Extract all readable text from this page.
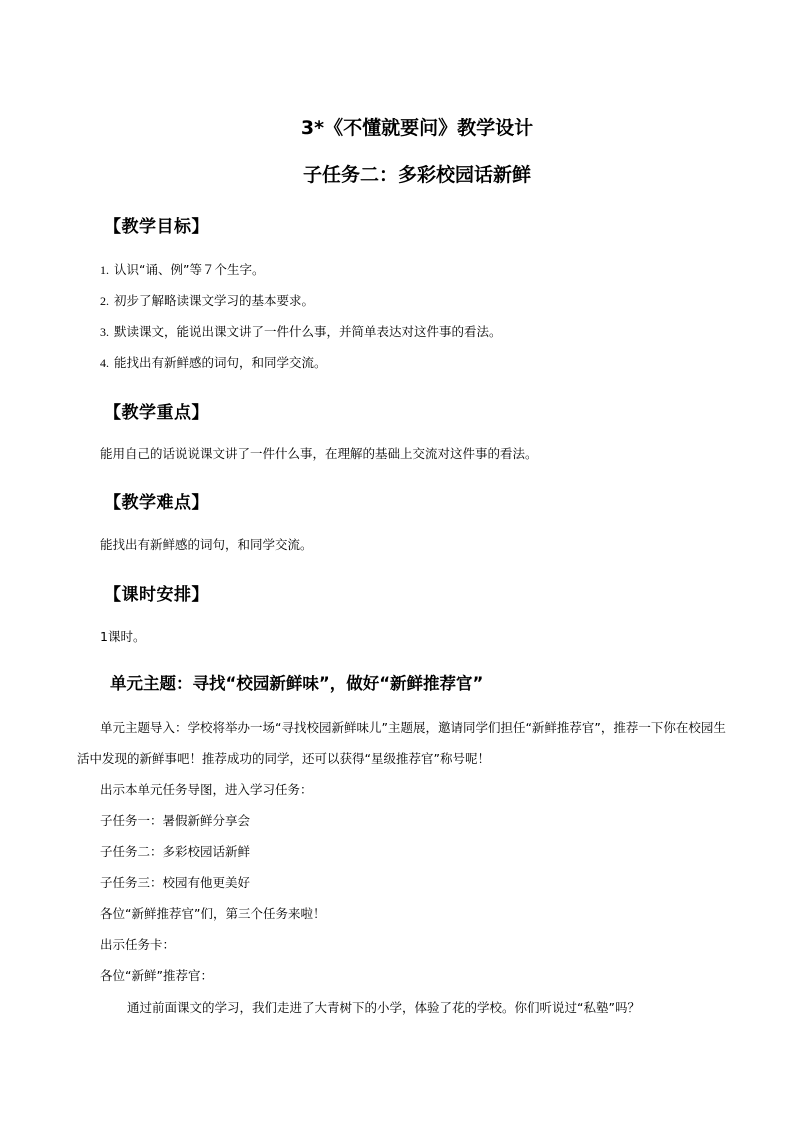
3*《不懂就要问》教学设计
子任务二：多彩校园话新鲜
【教学目标】
1. 认识“诵、例”等７个生字。
2. 初步了解略读课文学习的基本要求。
3. 默读课文，能说出课文讲了一件什么事，并简单表达对这件事的看法。
4. 能找出有新鲜感的词句，和同学交流。
【教学重点】
能用自己的话说说课文讲了一件什么事，在理解的基础上交流对这件事的看法。
【教学难点】
能找出有新鲜感的词句，和同学交流。
【课时安排】
1课时。
单元主题：寻找“校园新鲜味”，做好“新鲜推荐官”
单元主题导入：学校将举办一场“寻找校园新鲜味儿”主题展，邀请同学们担任“新鲜推荐官”，推荐一下你在校园生活中发现的新鲜事吧！推荐成功的同学，还可以获得“星级推荐官”称号呢！
出示本单元任务导图，进入学习任务：
子任务一：暑假新鲜分享会
子任务二：多彩校园话新鲜
子任务三：校园有他更美好
各位“新鲜推荐官”们，第三个任务来啦！
出示任务卡：
各位“新鲜”推荐官：
通过前面课文的学习，我们走进了大青树下的小学，体验了花的学校。你们听说过“私塾”吗？
